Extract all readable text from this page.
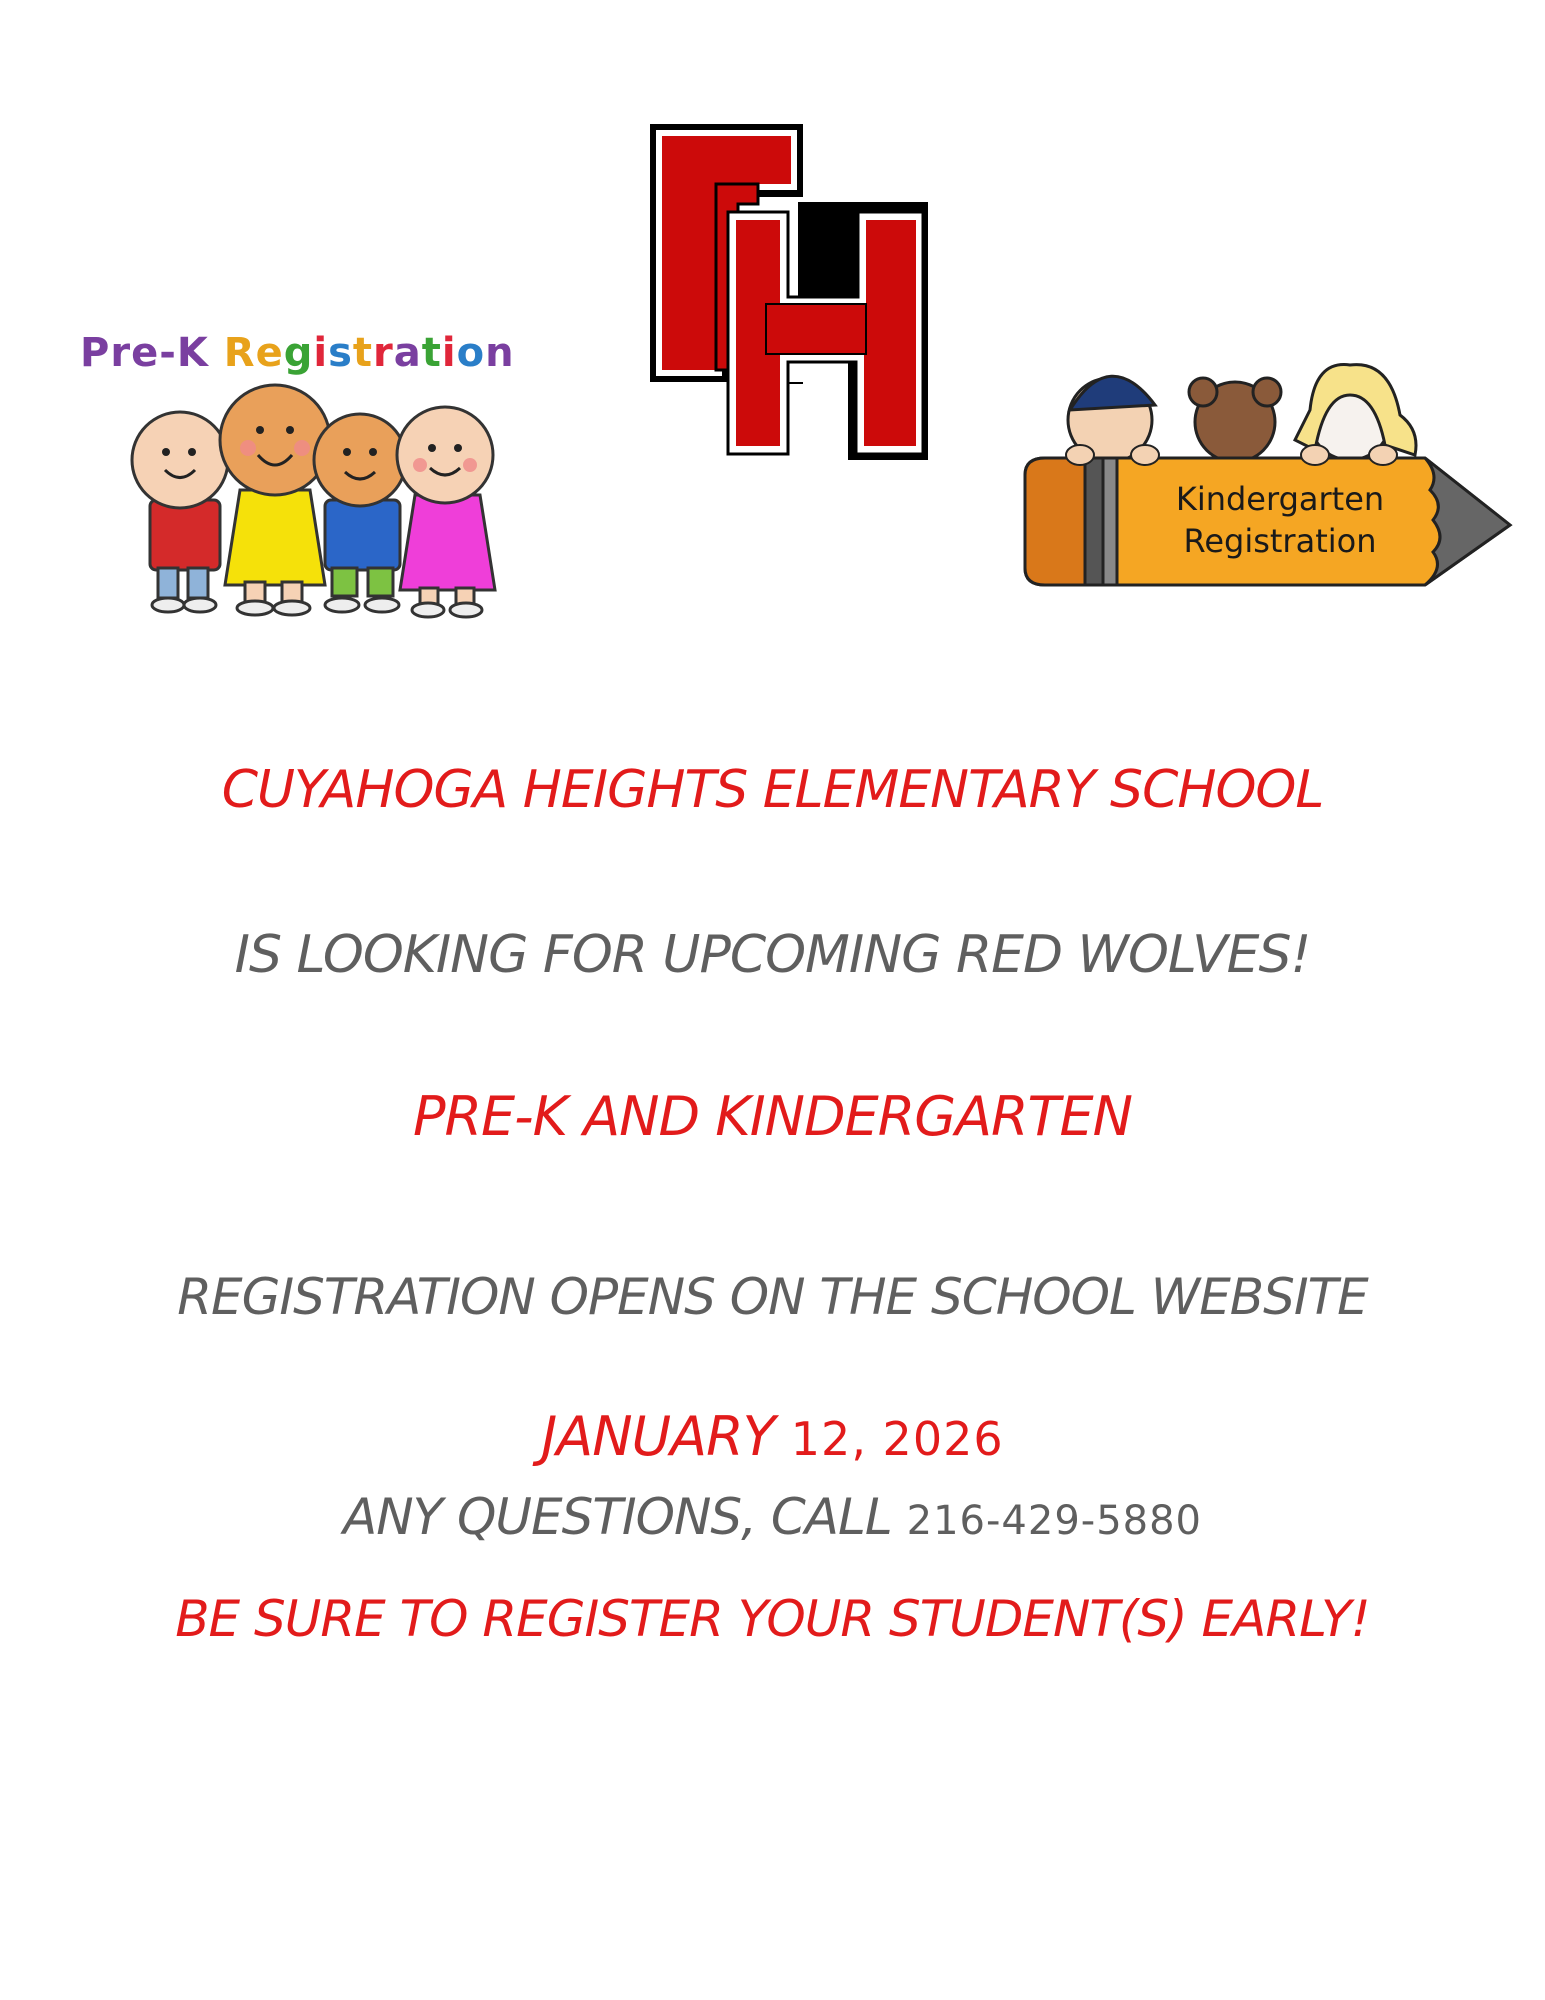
Pre-K Registration
Kindergarten
Registration
CUYAHOGA HEIGHTS ELEMENTARY SCHOOL
IS LOOKING FOR UPCOMING RED WOLVES!
PRE-K AND KINDERGARTEN
REGISTRATION OPENS ON THE SCHOOL WEBSITE
JANUARY 12, 2026
ANY QUESTIONS, CALL 216-429-5880
BE SURE TO REGISTER YOUR STUDENT(S) EARLY!
